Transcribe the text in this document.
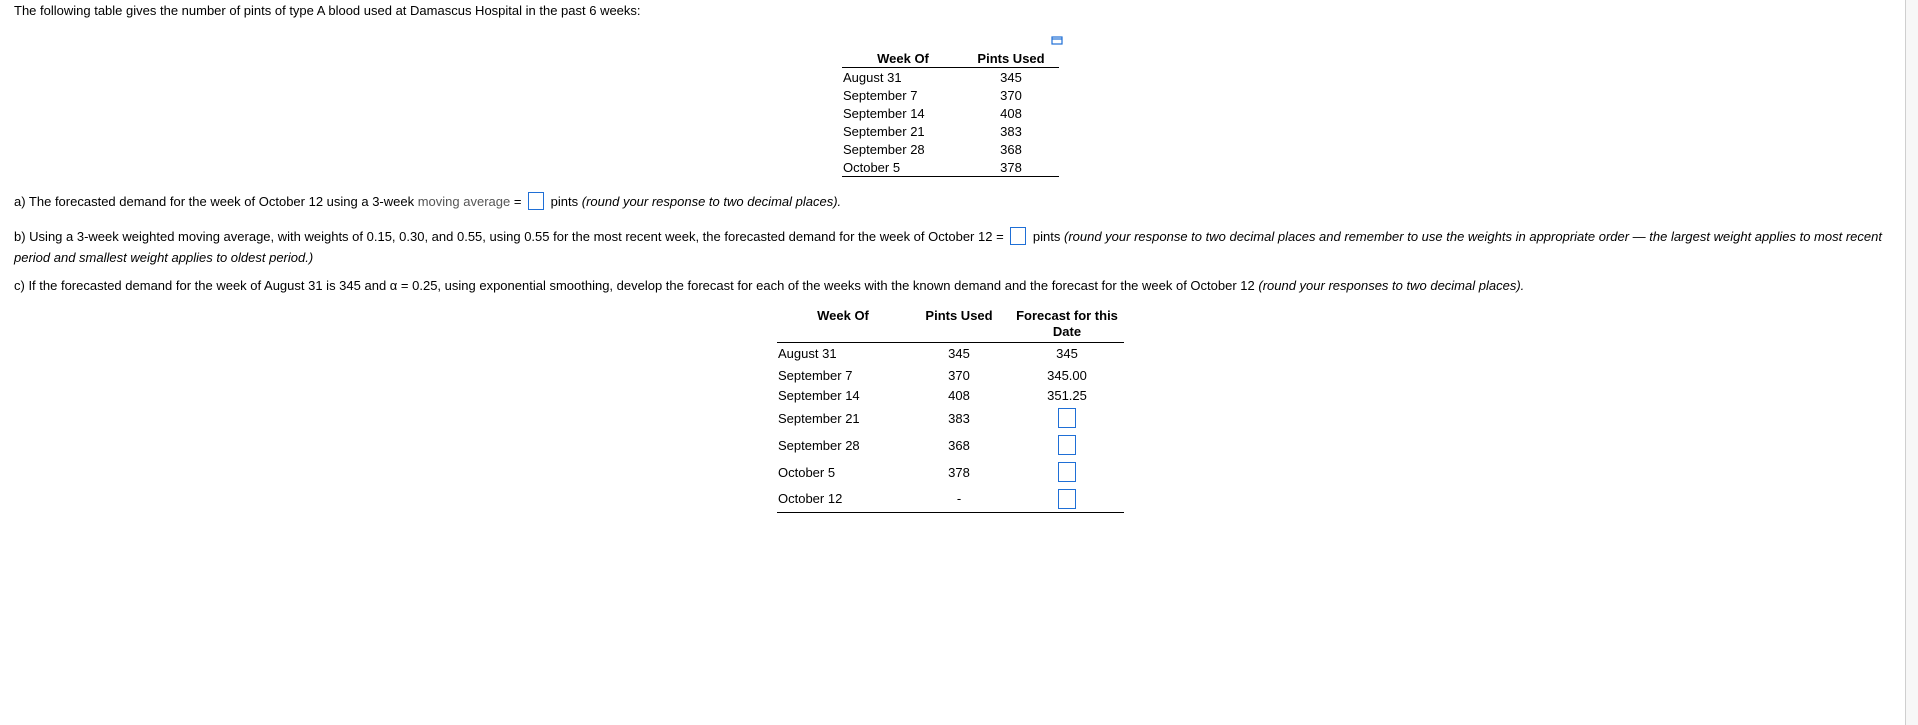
The following table gives the number of pints of type A blood used at Damascus Hospital in the past 6 weeks:
Week Of	Pints Used
August 31	345
September 7	370
September 14	408
September 21	383
September 28	368
October 5	378
a) The forecasted demand for the week of October 12 using a 3-week moving average =  pints (round your response to two decimal places).
b) Using a 3-week weighted moving average, with weights of 0.15, 0.30, and 0.55, using 0.55 for the most recent week, the forecasted demand for the week of October 12 =  pints (round your response to two decimal places and remember to use the weights in appropriate order — the largest weight applies to most recent
period and smallest weight applies to oldest period.)
c) If the forecasted demand for the week of August 31 is 345 and α = 0.25, using exponential smoothing, develop the forecast for each of the weeks with the known demand and the forecast for the week of October 12 (round your responses to two decimal places).
Week Of	Pints Used	Forecast for this Date
August 31	345	345
September 7	370	345.00
September 14	408	351.25
September 21	383	
September 28	368	
October 5	378	
October 12	-	
